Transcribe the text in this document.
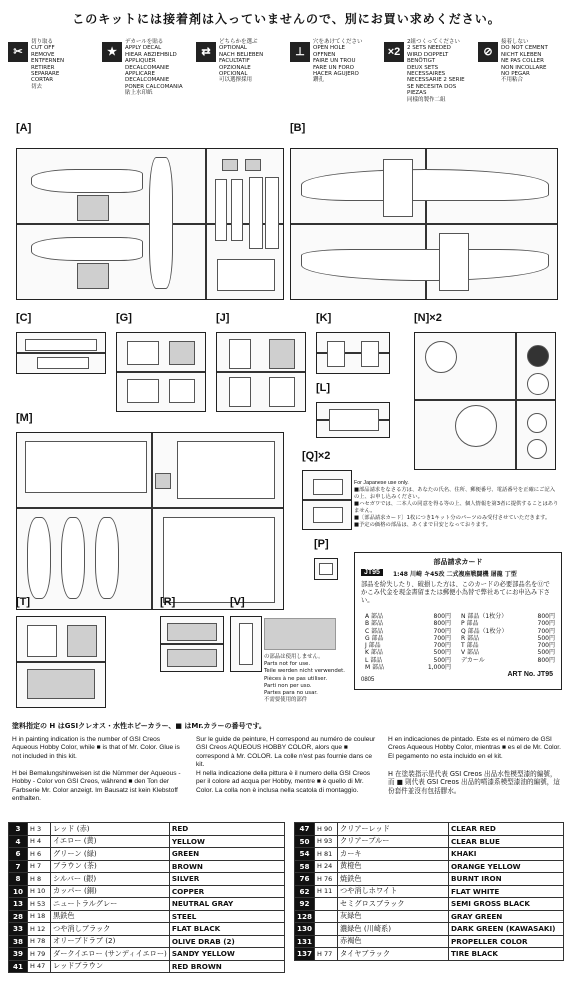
このキットには接着剤は入っていませんので、別にお買い求めください。
✂
切り取る
CUT OFF
REMOVE
ENTFERNEN
RETIRER
SEPARARE
CORTAR
切去
★
デカールを貼る
APPLY DECAL
HIEAR ABZIEHBILD
APPLIQUER DECALCOMANIE
APPLICARE DECALCOMANIE
PONER CALCOMANIA
貼上水印紙
⇄
どちらかを選ぶ
OPTIONAL
NACH BELIEBEN
FACULTATIF
OPZIONALE
OPCIONAL
可以選擇採用
⊥
穴をあけてください
OPEN HOLE
OFFNEN
FAIRE UN TROU
FARE UN FORO
HACER AGUJERO
鑽孔
×2
2組つくってください
2 SETS NEEDED
WIRD DOPPELT BENÖTIGT
DEUX SETS NECESSAIRES
NECESSARIE 2 SERIE
SE NECESITA DOS PIEZAS
同樣的製作二組
⊘
接着しない
DO NOT CEMENT
NICHT KLEBEN
NE PAS COLLER
NON INCOLLARE
NO PEGAR
不用粘合
[A]	[B]
[C]	[G]	[J]	[K]
[L]
[N]×2
[M]
[Q]×2
[P]
For Japanese use only.
■部品請求をなさる方は、あなたの氏名、住所、郵便番号、電話番号を正確にご記入の上、お申し込みください。
■ハセガワでは、二本人の同意を得る等の上、個人情報を第3者に提供することはありません。
■〔部品請求カード〕1枚につき1キット分のパーツのみ受付させていただきます。
■予定の価格の部品は、あくまで目安となっております。
部品請求カード
JT95	1:48 川崎 キ45改 二式複座戦闘機 屠龍 丁型
部品を紛失したり、破損した方は、このカードの必要部品名をⓄでかこみ代金を現金書留または郵便小為替で弊社あてにお申込み下さい。
A 部品	800円
B 部品	800円
C 部品	700円
G 部品	700円
J 部品	700円
K 部品	500円
L 部品	500円
M 部品	1,000円
N 部品（1枚分）	800円
P 部品	700円
Q 部品（1枚分）	700円
R 部品	500円
T 部品	700円
V 部品	500円
デカール	800円
0805
ART No. JT95
[T]	[R]	[V]
の部品は使用しません。
Parts not for use.
Teile werden nicht verwendet.
Pièces à ne pas utiliser.
Parti non per uso.
Partes para no usar.
不需要使用的部件
塗料指定の H はGSIクレオス・水性ホビーカラー、■ はMr.カラーの番号です。
H in painting indication is the number of GSI Creos Aqueous Hobby Color, while ■ is that of Mr. Color. Glue is not included in this kit.
Sur le guide de peinture, H correspond au numéro de couleur GSI Creos AQUEOUS HOBBY COLOR, alors que ■ correspond à Mr. COLOR. La colle n'est pas fournie dans ce kit.
H en indicaciones de pintado. Este es el número de GSI Creos Aqueous Hobby Color, mientras ■ es el de Mr. Color. El pegamento no esta incluido en el kit.
H bei Bemalungshinweisen ist die Nümmer der Aqueous - Hobby - Color von GSI Creos, während ■ den Ton der Farbserie Mr. Color anzeigt. Im Bausatz ist kein Klebstoff enthalten.
H nella indicazione della pittura è il numero della GSI Creos per il colore ad acqua per Hobby, mentre ■ è quello di Mr. Color. La colla non è inclusa nella scatola di montaggio.
H 在塗裝指示是代表 GSI Creos 出品水性模型漆的編號，而 ■ 則代表 GSI Creos 出品的噴漆系模型漆油的編號，這份套件並沒有包括膠水。
3	H 3	レッド (赤)	RED
4	H 4	イエロー (黄)	YELLOW
6	H 6	グリーン (緑)	GREEN
7	H 7	ブラウン (茶)	BROWN
8	H 8	シルバー (銀)	SILVER
10	H 10	カッパー (銅)	COPPER
13	H 53	ニュートラルグレー	NEUTRAL GRAY
28	H 18	黒鉄色	STEEL
33	H 12	つや消しブラック	FLAT BLACK
38	H 78	オリーブドラブ (2)	OLIVE DRAB (2)
39	H 79	ダークイエロー (サンディイエロー)	SANDY YELLOW
41	H 47	レッドブラウン	RED BROWN
47	H 90	クリアーレッド	CLEAR RED
50	H 93	クリアーブルー	CLEAR BLUE
54	H 81	カーキ	KHAKI
58	H 24	黄橙色	ORANGE YELLOW
76	H 76	焼鉄色	BURNT IRON
62	H 11	つや消しホワイト	FLAT WHITE
92		セミグロスブラック	SEMI GROSS BLACK
128		灰緑色	GRAY GREEN
130		濃緑色 (川崎系)	DARK GREEN (KAWASAKI)
131		赤褐色	PROPELLER COLOR
137	H 77	タイヤブラック	TIRE BLACK
